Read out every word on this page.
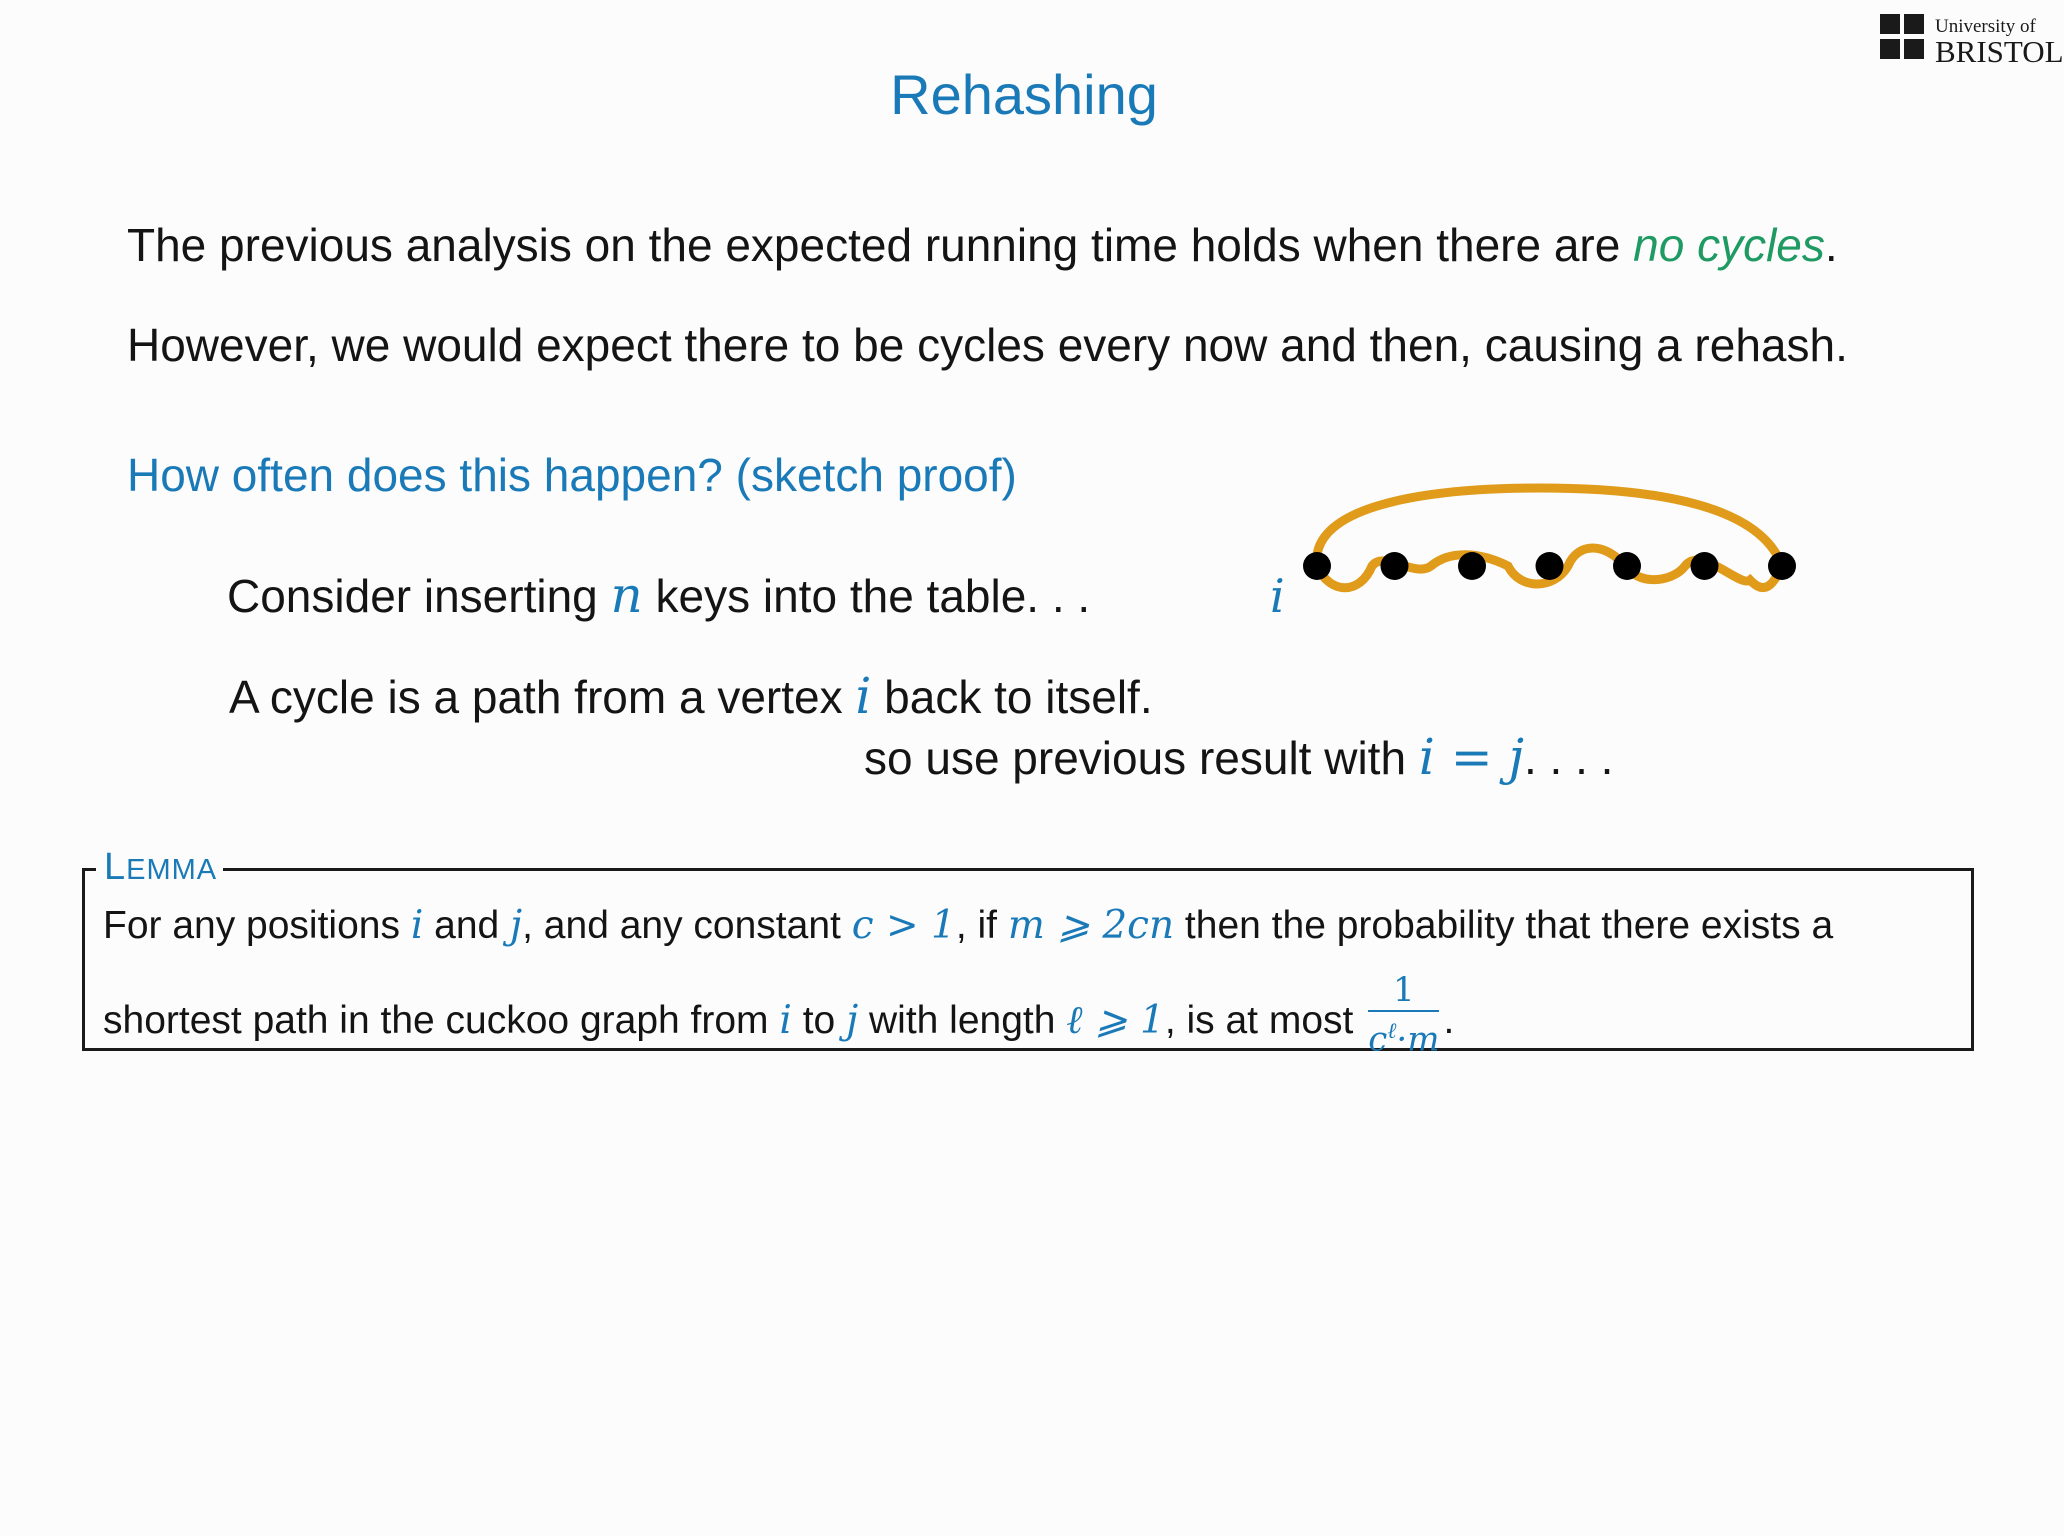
University of
BRISTOL
Rehashing
The previous analysis on the expected running time holds when there are no cycles.
However, we would expect there to be cycles every now and then, causing a rehash.
How often does this happen? (sketch proof)
Consider inserting n keys into the table. . .
A cycle is a path from a vertex i back to itself.
so use previous result with i = j. . . .
i
LEMMA
For any positions i and j, and any constant c > 1, if m ⩾ 2cn then the probability that there exists a
shortest path in the cuckoo graph from i to j with length ℓ ⩾ 1, is at most $\frac{1}{c^\ell\cdot m}$ .
